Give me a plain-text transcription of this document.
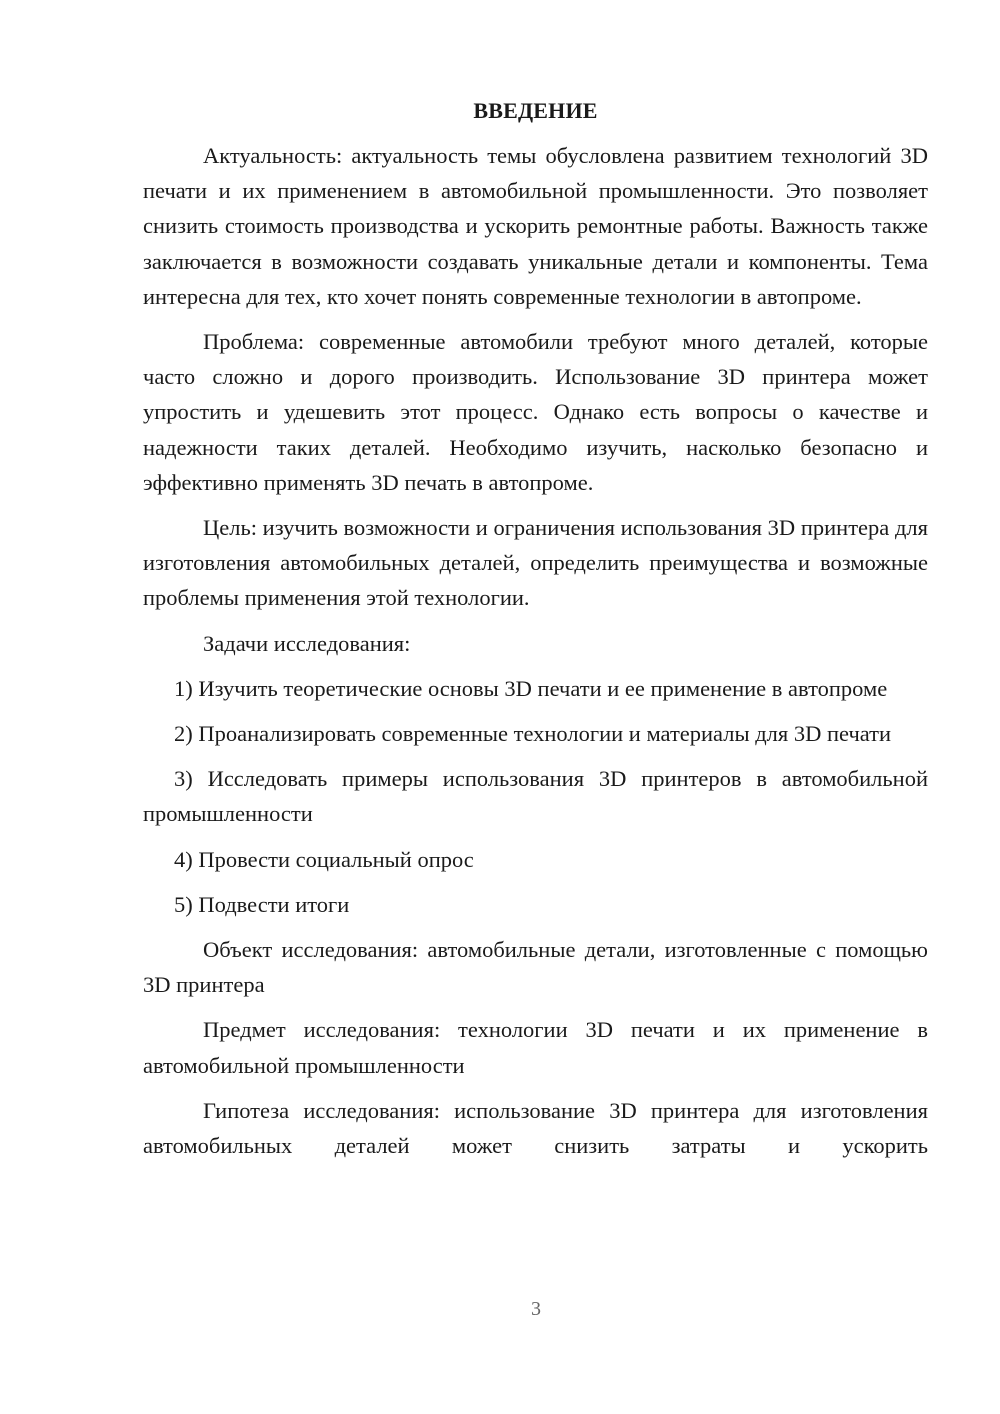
ВВЕДЕНИЕ

Актуальность: актуальность темы обусловлена развитием технологий 3D печати и их применением в автомобильной промышленности. Это позволяет снизить стоимость производства и ускорить ремонтные работы. Важность также заключается в возможности создавать уникальные детали и компоненты. Тема интересна для тех, кто хочет понять современные технологии в автопроме.

Проблема: современные автомобили требуют много деталей, которые часто сложно и дорого производить. Использование 3D принтера может упростить и удешевить этот процесс. Однако есть вопросы о качестве и надежности таких деталей. Необходимо изучить, насколько безопасно и эффективно применять 3D печать в автопроме.

Цель: изучить возможности и ограничения использования 3D принтера для изготовления автомобильных деталей, определить преимущества и возможные проблемы применения этой технологии.

Задачи исследования:

1) Изучить теоретические основы 3D печати и ее применение в автопроме

2) Проанализировать современные технологии и материалы для 3D печати

3) Исследовать примеры использования 3D принтеров в автомобильной промышленности

4) Провести социальный опрос

5) Подвести итоги

Объект исследования: автомобильные детали, изготовленные с помощью 3D принтера

Предмет исследования: технологии 3D печати и их применение в автомобильной промышленности

Гипотеза исследования: использование 3D принтера для изготовления автомобильных деталей может снизить затраты и ускорить

3
